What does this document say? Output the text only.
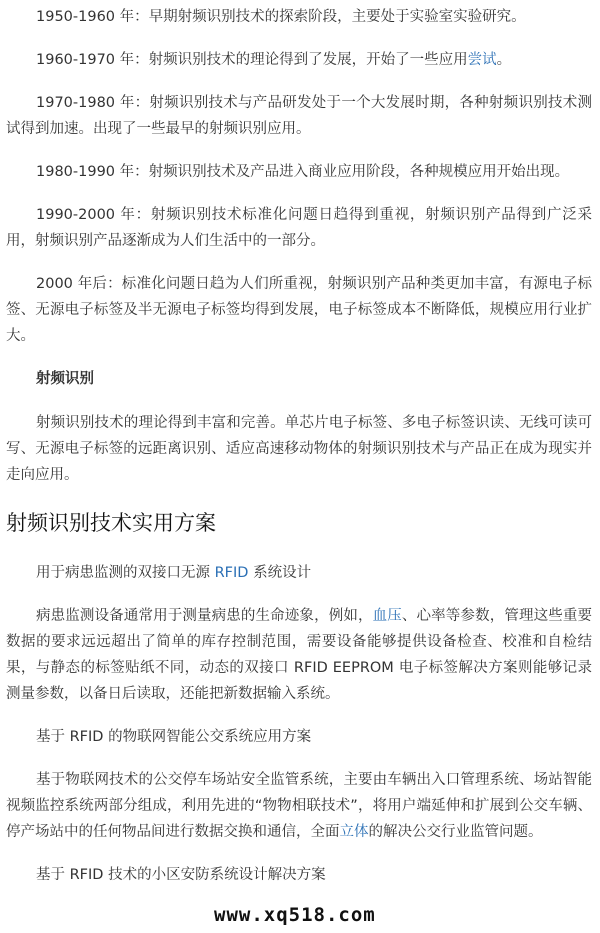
1950-1960 年：早期射频识别技术的探索阶段，主要处于实验室实验研究。

1960-1970 年：射频识别技术的理论得到了发展，开始了一些应用尝试。

1970-1980 年：射频识别技术与产品研发处于一个大发展时期，各种射频识别技术测试得到加速。出现了一些最早的射频识别应用。

1980-1990 年：射频识别技术及产品进入商业应用阶段，各种规模应用开始出现。

1990-2000 年：射频识别技术标准化问题日趋得到重视，射频识别产品得到广泛采用，射频识别产品逐渐成为人们生活中的一部分。

2000 年后：标准化问题日趋为人们所重视，射频识别产品种类更加丰富，有源电子标签、无源电子标签及半无源电子标签均得到发展，电子标签成本不断降低，规模应用行业扩大。

射频识别

射频识别技术的理论得到丰富和完善。单芯片电子标签、多电子标签识读、无线可读可写、无源电子标签的远距离识别、适应高速移动物体的射频识别技术与产品正在成为现实并走向应用。

射频识别技术实用方案

用于病患监测的双接口无源 RFID 系统设计

病患监测设备通常用于测量病患的生命迹象，例如，血压、心率等参数，管理这些重要数据的要求远远超出了简单的库存控制范围，需要设备能够提供设备检查、校准和自检结果，与静态的标签贴纸不同，动态的双接口 RFID EEPROM 电子标签解决方案则能够记录测量参数，以备日后读取，还能把新数据输入系统。

基于 RFID 的物联网智能公交系统应用方案

基于物联网技术的公交停车场站安全监管系统，主要由车辆出入口管理系统、场站智能视频监控系统两部分组成，利用先进的“物物相联技术”，将用户端延伸和扩展到公交车辆、停产场站中的任何物品间进行数据交换和通信，全面立体的解决公交行业监管问题。

基于 RFID 技术的小区安防系统设计解决方案

www.xq518.com
